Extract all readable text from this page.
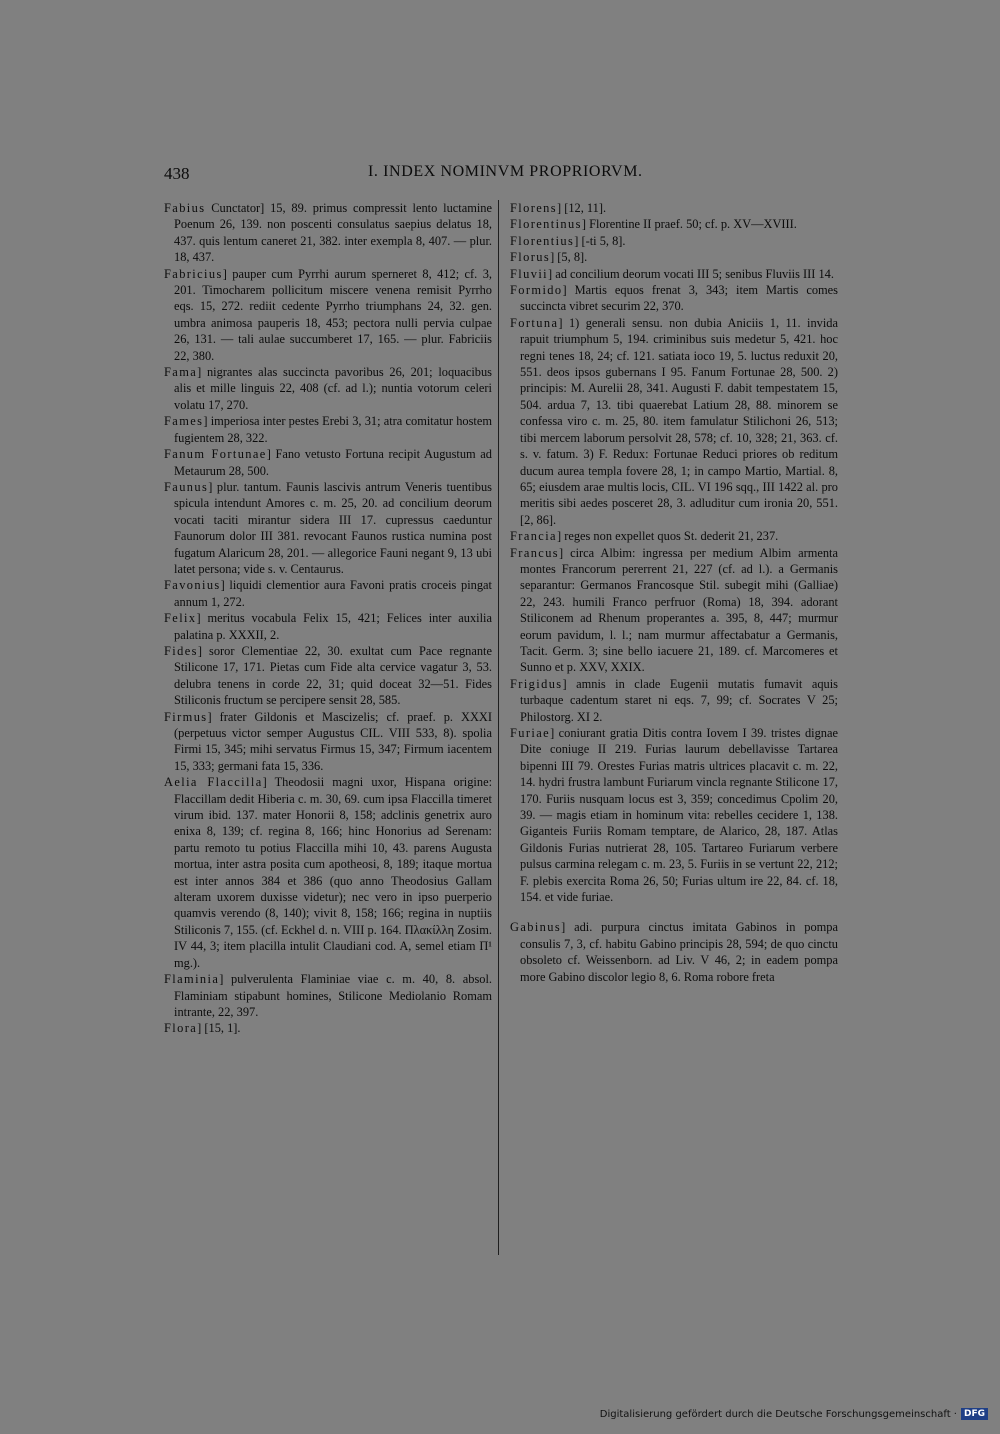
438	I. INDEX NOMINVM PROPRIORVM.

Fabius Cunctator] 15, 89. primus compressit lento luctamine Poenum 26, 139. non poscenti consulatus saepius delatus 18, 437. quis lentum caneret 21, 382. inter exempla 8, 407. — plur. 18, 437.

Fabricius] pauper cum Pyrrhi aurum sperneret 8, 412; cf. 3, 201. Timocharem pollicitum miscere venena remisit Pyrrho eqs. 15, 272. rediit cedente Pyrrho triumphans 24, 32. gen. umbra animosa pauperis 18, 453; pectora nulli pervia culpae 26, 131. — tali aulae succumberet 17, 165. — plur. Fabriciis 22, 380.

Fama] nigrantes alas succincta pavoribus 26, 201; loquacibus alis et mille linguis 22, 408 (cf. ad l.); nuntia votorum celeri volatu 17, 270.

Fames] imperiosa inter pestes Erebi 3, 31; atra comitatur hostem fugientem 28, 322.

Fanum Fortunae] Fano vetusto Fortuna recipit Augustum ad Metaurum 28, 500.

Faunus] plur. tantum. Faunis lascivis antrum Veneris tuentibus spicula intendunt Amores c. m. 25, 20. ad concilium deorum vocati taciti mirantur sidera III 17. cupressus caeduntur Faunorum dolor III 381. revocant Faunos rustica numina post fugatum Alaricum 28, 201. — allegorice Fauni negant 9, 13 ubi latet persona; vide s. v. Centaurus.

Favonius] liquidi clementior aura Favoni pratis croceis pingat annum 1, 272.

Felix] meritus vocabula Felix 15, 421; Felices inter auxilia palatina p. XXXII, 2.

Fides] soror Clementiae 22, 30. exultat cum Pace regnante Stilicone 17, 171. Pietas cum Fide alta cervice vagatur 3, 53. delubra tenens in corde 22, 31; quid doceat 32—51. Fides Stiliconis fructum se percipere sensit 28, 585.

Firmus] frater Gildonis et Mascizelis; cf. praef. p. XXXI (perpetuus victor semper Augustus CIL. VIII 533, 8). spolia Firmi 15, 345; mihi servatus Firmus 15, 347; Firmum iacentem 15, 333; germani fata 15, 336.

Aelia Flaccilla] Theodosii magni uxor, Hispana origine: Flaccillam dedit Hiberia c. m. 30, 69. cum ipsa Flaccilla timeret virum ibid. 137. mater Honorii 8, 158; adclinis genetrix auro enixa 8, 139; cf. regina 8, 166; hinc Honorius ad Serenam: partu remoto tu potius Flaccilla mihi 10, 43. parens Augusta mortua, inter astra posita cum apotheosi, 8, 189; itaque mortua est inter annos 384 et 386 (quo anno Theodosius Gallam alteram uxorem duxisse videtur); nec vero in ipso puerperio quamvis verendo (8, 140); vivit 8, 158; 166; regina in nuptiis Stiliconis 7, 155. (cf. Eckhel d. n. VIII p. 164. Πλακίλλη Zosim. IV 44, 3; item placilla intulit Claudiani cod. A, semel etiam Π¹ mg.).

Flaminia] pulverulenta Flaminiae viae c. m. 40, 8. absol. Flaminiam stipabunt homines, Stilicone Mediolanio Romam intrante, 22, 397.

Flora] [15, 1].

Florens] [12, 11].

Florentinus] Florentine II praef. 50; cf. p. XV—XVIII.

Florentius] [-ti 5, 8].

Florus] [5, 8].

Fluvii] ad concilium deorum vocati III 5; senibus Fluviis III 14.

Formido] Martis equos frenat 3, 343; item Martis comes succincta vibret securim 22, 370.

Fortuna] 1) generali sensu. non dubia Aniciis 1, 11. invida rapuit triumphum 5, 194. criminibus suis medetur 5, 421. hoc regni tenes 18, 24; cf. 121. satiata ioco 19, 5. luctus reduxit 20, 551. deos ipsos gubernans I 95. Fanum Fortunae 28, 500. 2) principis: M. Aurelii 28, 341. Augusti F. dabit tempestatem 15, 504. ardua 7, 13. tibi quaerebat Latium 28, 88. minorem se confessa viro c. m. 25, 80. item famulatur Stilichoni 26, 513; tibi mercem laborum persolvit 28, 578; cf. 10, 328; 21, 363. cf. s. v. fatum. 3) F. Redux: Fortunae Reduci priores ob reditum ducum aurea templa fovere 28, 1; in campo Martio, Martial. 8, 65; eiusdem arae multis locis, CIL. VI 196 sqq., III 1422 al. pro meritis sibi aedes posceret 28, 3. adluditur cum ironia 20, 551. [2, 86].

Francia] reges non expellet quos St. dederit 21, 237.

Francus] circa Albim: ingressa per medium Albim armenta montes Francorum pererrent 21, 227 (cf. ad l.). a Germanis separantur: Germanos Francosque Stil. subegit mihi (Galliae) 22, 243. humili Franco perfruor (Roma) 18, 394. adorant Stiliconem ad Rhenum properantes a. 395, 8, 447; murmur eorum pavidum, l. l.; nam murmur affectabatur a Germanis, Tacit. Germ. 3; sine bello iacuere 21, 189. cf. Marcomeres et Sunno et p. XXV, XXIX.

Frigidus] amnis in clade Eugenii mutatis fumavit aquis turbaque cadentum staret ni eqs. 7, 99; cf. Socrates V 25; Philostorg. XI 2.

Furiae] coniurant gratia Ditis contra Iovem I 39. tristes dignae Dite coniuge II 219. Furias laurum debellavisse Tartarea bipenni III 79. Orestes Furias matris ultrices placavit c. m. 22, 14. hydri frustra lambunt Furiarum vincla regnante Stilicone 17, 170. Furiis nusquam locus est 3, 359; concedimus Cpolim 20, 39. — magis etiam in hominum vita: rebelles cecidere 1, 138. Giganteis Furiis Romam temptare, de Alarico, 28, 187. Atlas Gildonis Furias nutrierat 28, 105. Tartareo Furiarum verbere pulsus carmina relegam c. m. 23, 5. Furiis in se vertunt 22, 212; F. plebis exercita Roma 26, 50; Furias ultum ire 22, 84. cf. 18, 154. et vide furiae.

Gabinus] adi. purpura cinctus imitata Gabinos in pompa consulis 7, 3, cf. habitu Gabino principis 28, 594; de quo cinctu obsoleto cf. Weissenborn. ad Liv. V 46, 2; in eadem pompa more Gabino discolor legio 8, 6. Roma robore freta

Digitalisierung gefördert durch die Deutsche Forschungsgemeinschaft · DFG
